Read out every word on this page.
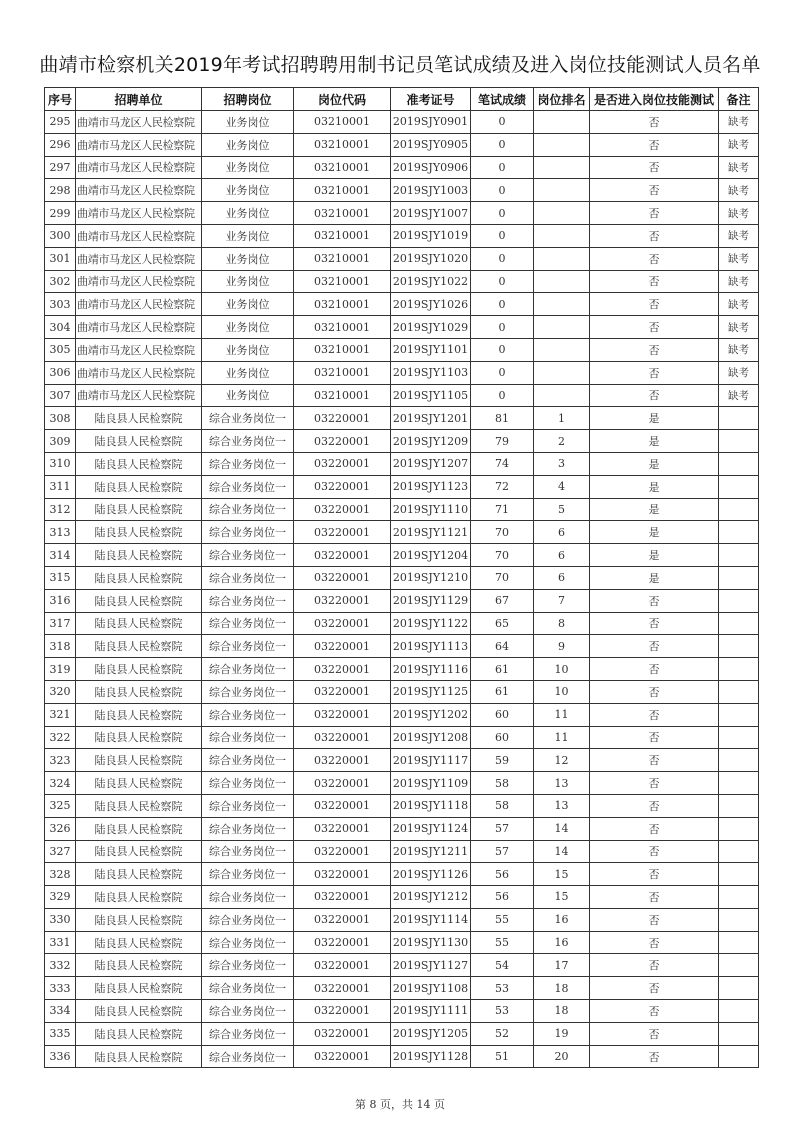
曲靖市检察机关2019年考试招聘聘用制书记员笔试成绩及进入岗位技能测试人员名单
序号	招聘单位	招聘岗位	岗位代码	准考证号	笔试成绩	岗位排名	是否进入岗位技能测试	备注
295	曲靖市马龙区人民检察院	业务岗位	03210001	2019SJY0901	0		否	缺考
296	曲靖市马龙区人民检察院	业务岗位	03210001	2019SJY0905	0		否	缺考
297	曲靖市马龙区人民检察院	业务岗位	03210001	2019SJY0906	0		否	缺考
298	曲靖市马龙区人民检察院	业务岗位	03210001	2019SJY1003	0		否	缺考
299	曲靖市马龙区人民检察院	业务岗位	03210001	2019SJY1007	0		否	缺考
300	曲靖市马龙区人民检察院	业务岗位	03210001	2019SJY1019	0		否	缺考
301	曲靖市马龙区人民检察院	业务岗位	03210001	2019SJY1020	0		否	缺考
302	曲靖市马龙区人民检察院	业务岗位	03210001	2019SJY1022	0		否	缺考
303	曲靖市马龙区人民检察院	业务岗位	03210001	2019SJY1026	0		否	缺考
304	曲靖市马龙区人民检察院	业务岗位	03210001	2019SJY1029	0		否	缺考
305	曲靖市马龙区人民检察院	业务岗位	03210001	2019SJY1101	0		否	缺考
306	曲靖市马龙区人民检察院	业务岗位	03210001	2019SJY1103	0		否	缺考
307	曲靖市马龙区人民检察院	业务岗位	03210001	2019SJY1105	0		否	缺考
308	陆良县人民检察院	综合业务岗位一	03220001	2019SJY1201	81	1	是	
309	陆良县人民检察院	综合业务岗位一	03220001	2019SJY1209	79	2	是	
310	陆良县人民检察院	综合业务岗位一	03220001	2019SJY1207	74	3	是	
311	陆良县人民检察院	综合业务岗位一	03220001	2019SJY1123	72	4	是	
312	陆良县人民检察院	综合业务岗位一	03220001	2019SJY1110	71	5	是	
313	陆良县人民检察院	综合业务岗位一	03220001	2019SJY1121	70	6	是	
314	陆良县人民检察院	综合业务岗位一	03220001	2019SJY1204	70	6	是	
315	陆良县人民检察院	综合业务岗位一	03220001	2019SJY1210	70	6	是	
316	陆良县人民检察院	综合业务岗位一	03220001	2019SJY1129	67	7	否	
317	陆良县人民检察院	综合业务岗位一	03220001	2019SJY1122	65	8	否	
318	陆良县人民检察院	综合业务岗位一	03220001	2019SJY1113	64	9	否	
319	陆良县人民检察院	综合业务岗位一	03220001	2019SJY1116	61	10	否	
320	陆良县人民检察院	综合业务岗位一	03220001	2019SJY1125	61	10	否	
321	陆良县人民检察院	综合业务岗位一	03220001	2019SJY1202	60	11	否	
322	陆良县人民检察院	综合业务岗位一	03220001	2019SJY1208	60	11	否	
323	陆良县人民检察院	综合业务岗位一	03220001	2019SJY1117	59	12	否	
324	陆良县人民检察院	综合业务岗位一	03220001	2019SJY1109	58	13	否	
325	陆良县人民检察院	综合业务岗位一	03220001	2019SJY1118	58	13	否	
326	陆良县人民检察院	综合业务岗位一	03220001	2019SJY1124	57	14	否	
327	陆良县人民检察院	综合业务岗位一	03220001	2019SJY1211	57	14	否	
328	陆良县人民检察院	综合业务岗位一	03220001	2019SJY1126	56	15	否	
329	陆良县人民检察院	综合业务岗位一	03220001	2019SJY1212	56	15	否	
330	陆良县人民检察院	综合业务岗位一	03220001	2019SJY1114	55	16	否	
331	陆良县人民检察院	综合业务岗位一	03220001	2019SJY1130	55	16	否	
332	陆良县人民检察院	综合业务岗位一	03220001	2019SJY1127	54	17	否	
333	陆良县人民检察院	综合业务岗位一	03220001	2019SJY1108	53	18	否	
334	陆良县人民检察院	综合业务岗位一	03220001	2019SJY1111	53	18	否	
335	陆良县人民检察院	综合业务岗位一	03220001	2019SJY1205	52	19	否	
336	陆良县人民检察院	综合业务岗位一	03220001	2019SJY1128	51	20	否	
第 8 页，共 14 页
